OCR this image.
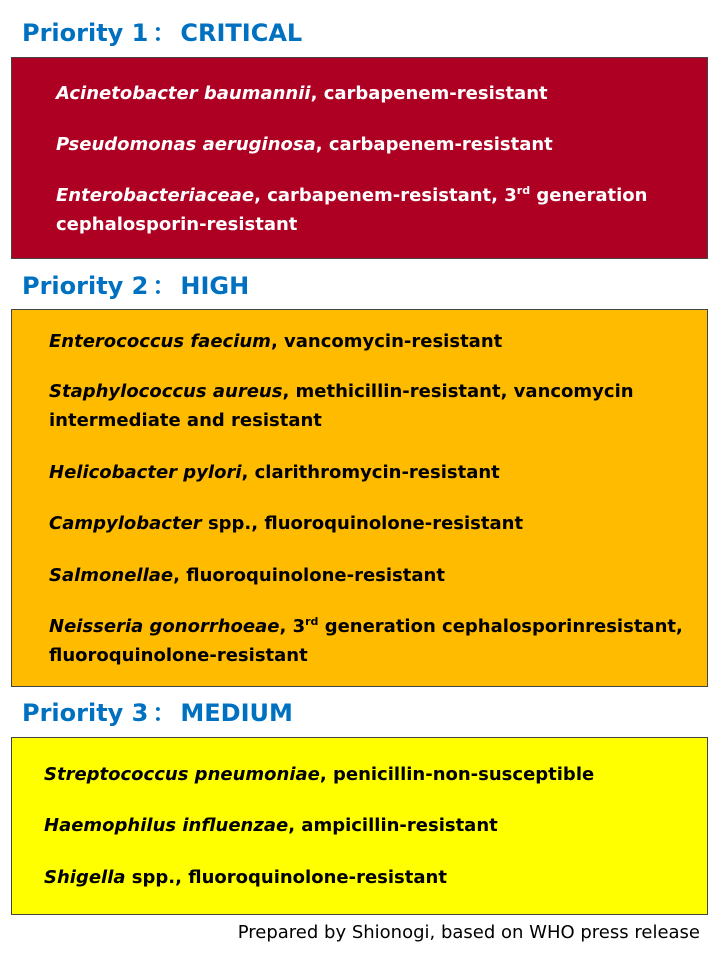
Priority 1 ： CRITICAL
Acinetobacter baumannii, carbapenem-resistant
Pseudomonas aeruginosa, carbapenem-resistant
Enterobacteriaceae, carbapenem-resistant, 3rd generation
cephalosporin-resistant
Priority 2 ： HIGH
Enterococcus faecium, vancomycin-resistant
Staphylococcus aureus, methicillin-resistant, vancomycin
intermediate and resistant
Helicobacter pylori, clarithromycin-resistant
Campylobacter spp., fluoroquinolone-resistant
Salmonellae, fluoroquinolone-resistant
Neisseria gonorrhoeae, 3rd generation cephalosporinresistant,
fluoroquinolone-resistant
Priority 3 ： MEDIUM
Streptococcus pneumoniae, penicillin-non-susceptible
Haemophilus influenzae, ampicillin-resistant
Shigella spp., fluoroquinolone-resistant
Prepared by Shionogi, based on WHO press release
